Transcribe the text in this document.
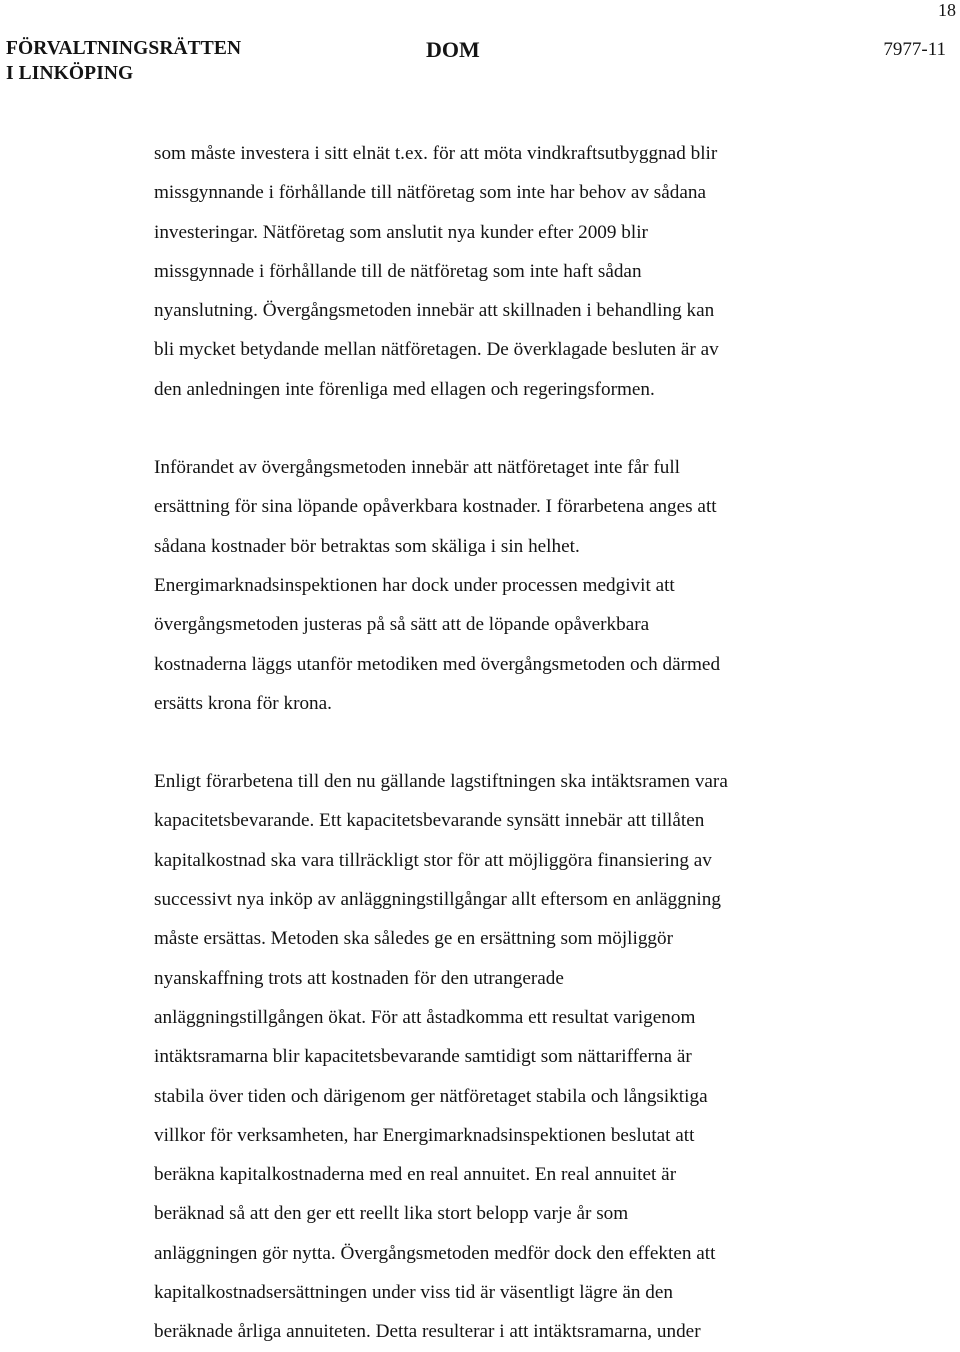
18
FÖRVALTNINGSRÄTTEN
I LINKÖPING
DOM	7977-11

som måste investera i sitt elnät t.ex. för att möta vindkraftsutbyggnad blir
missgynnande i förhållande till nätföretag som inte har behov av sådana
investeringar. Nätföretag som anslutit nya kunder efter 2009 blir
missgynnade i förhållande till de nätföretag som inte haft sådan
nyanslutning. Övergångsmetoden innebär att skillnaden i behandling kan
bli mycket betydande mellan nätföretagen. De överklagade besluten är av
den anledningen inte förenliga med ellagen och regeringsformen.

Införandet av övergångsmetoden innebär att nätföretaget inte får full
ersättning för sina löpande opåverkbara kostnader. I förarbetena anges att
sådana kostnader bör betraktas som skäliga i sin helhet.
Energimarknadsinspektionen har dock under processen medgivit att
övergångsmetoden justeras på så sätt att de löpande opåverkbara
kostnaderna läggs utanför metodiken med övergångsmetoden och därmed
ersätts krona för krona.

Enligt förarbetena till den nu gällande lagstiftningen ska intäktsramen vara
kapacitetsbevarande. Ett kapacitetsbevarande synsätt innebär att tillåten
kapitalkostnad ska vara tillräckligt stor för att möjliggöra finansiering av
successivt nya inköp av anläggningstillgångar allt eftersom en anläggning
måste ersättas. Metoden ska således ge en ersättning som möjliggör
nyanskaffning trots att kostnaden för den utrangerade
anläggningstillgången ökat. För att åstadkomma ett resultat varigenom
intäktsramarna blir kapacitetsbevarande samtidigt som nättarifferna är
stabila över tiden och därigenom ger nätföretaget stabila och långsiktiga
villkor för verksamheten, har Energimarknadsinspektionen beslutat att
beräkna kapitalkostnaderna med en real annuitet. En real annuitet är
beräknad så att den ger ett reellt lika stort belopp varje år som
anläggningen gör nytta. Övergångsmetoden medför dock den effekten att
kapitalkostnadsersättningen under viss tid är väsentligt lägre än den
beräknade årliga annuiteten. Detta resulterar i att intäktsramarna, under
